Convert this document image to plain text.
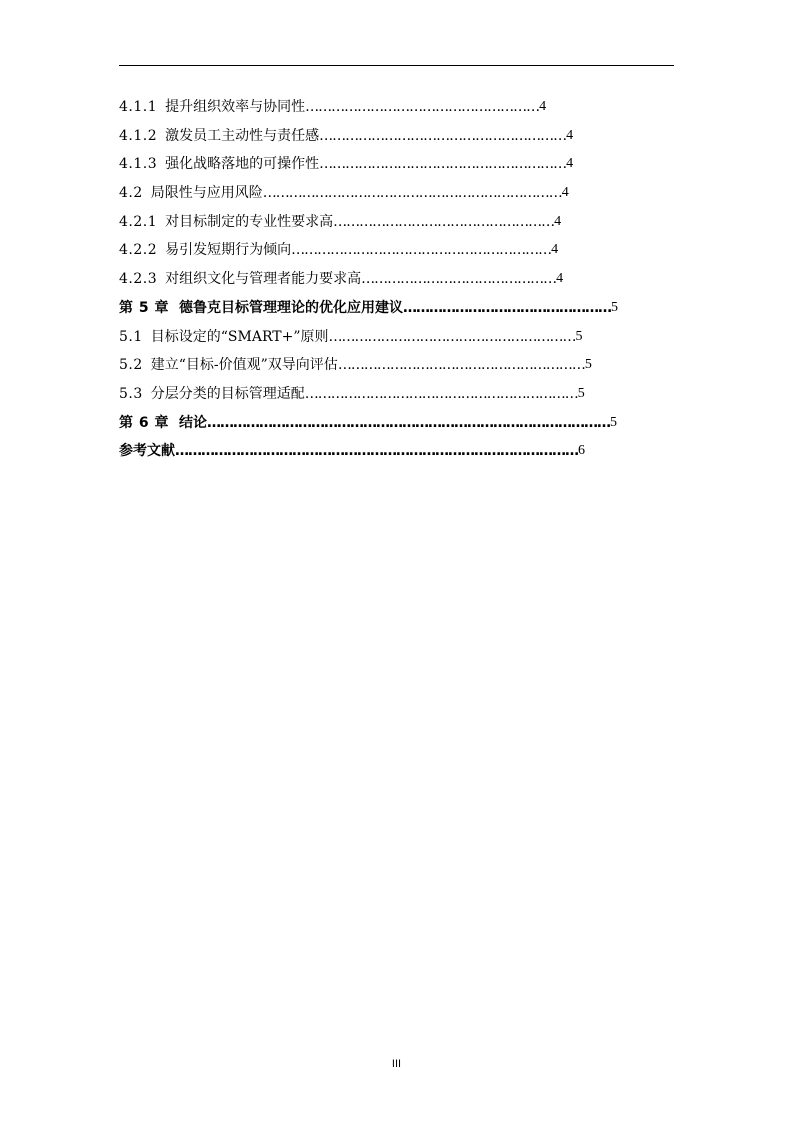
4.1.1 提升组织效率与协同性 ……………………………………………… 4
4.1.2 激发员工主动性与责任感 ………………………………………………… 4
4.1.3 强化战略落地的可操作性 ………………………………………………… 4
4.2 局限性与应用风险 …………………………………………………………… 4
4.2.1 对目标制定的专业性要求高 …………………………………………… 4
4.2.2 易引发短期行为倾向 …………………………………………………… 4
4.2.3 对组织文化与管理者能力要求高 ……………………………………… 4
第 5 章 德鲁克目标管理理论的优化应用建议 ………………………………………… 5
5.1 目标设定的“SMART+”原则 ………………………………………………… 5
5.2 建立“目标-价值观”双导向评估 ………………………………………………… 5
5.3 分层分类的目标管理适配 ……………………………………………………… 5
第 6 章 结论 ………………………………………………………………………………… 5
参考文献 ………………………………………………………………………………… 6
III
